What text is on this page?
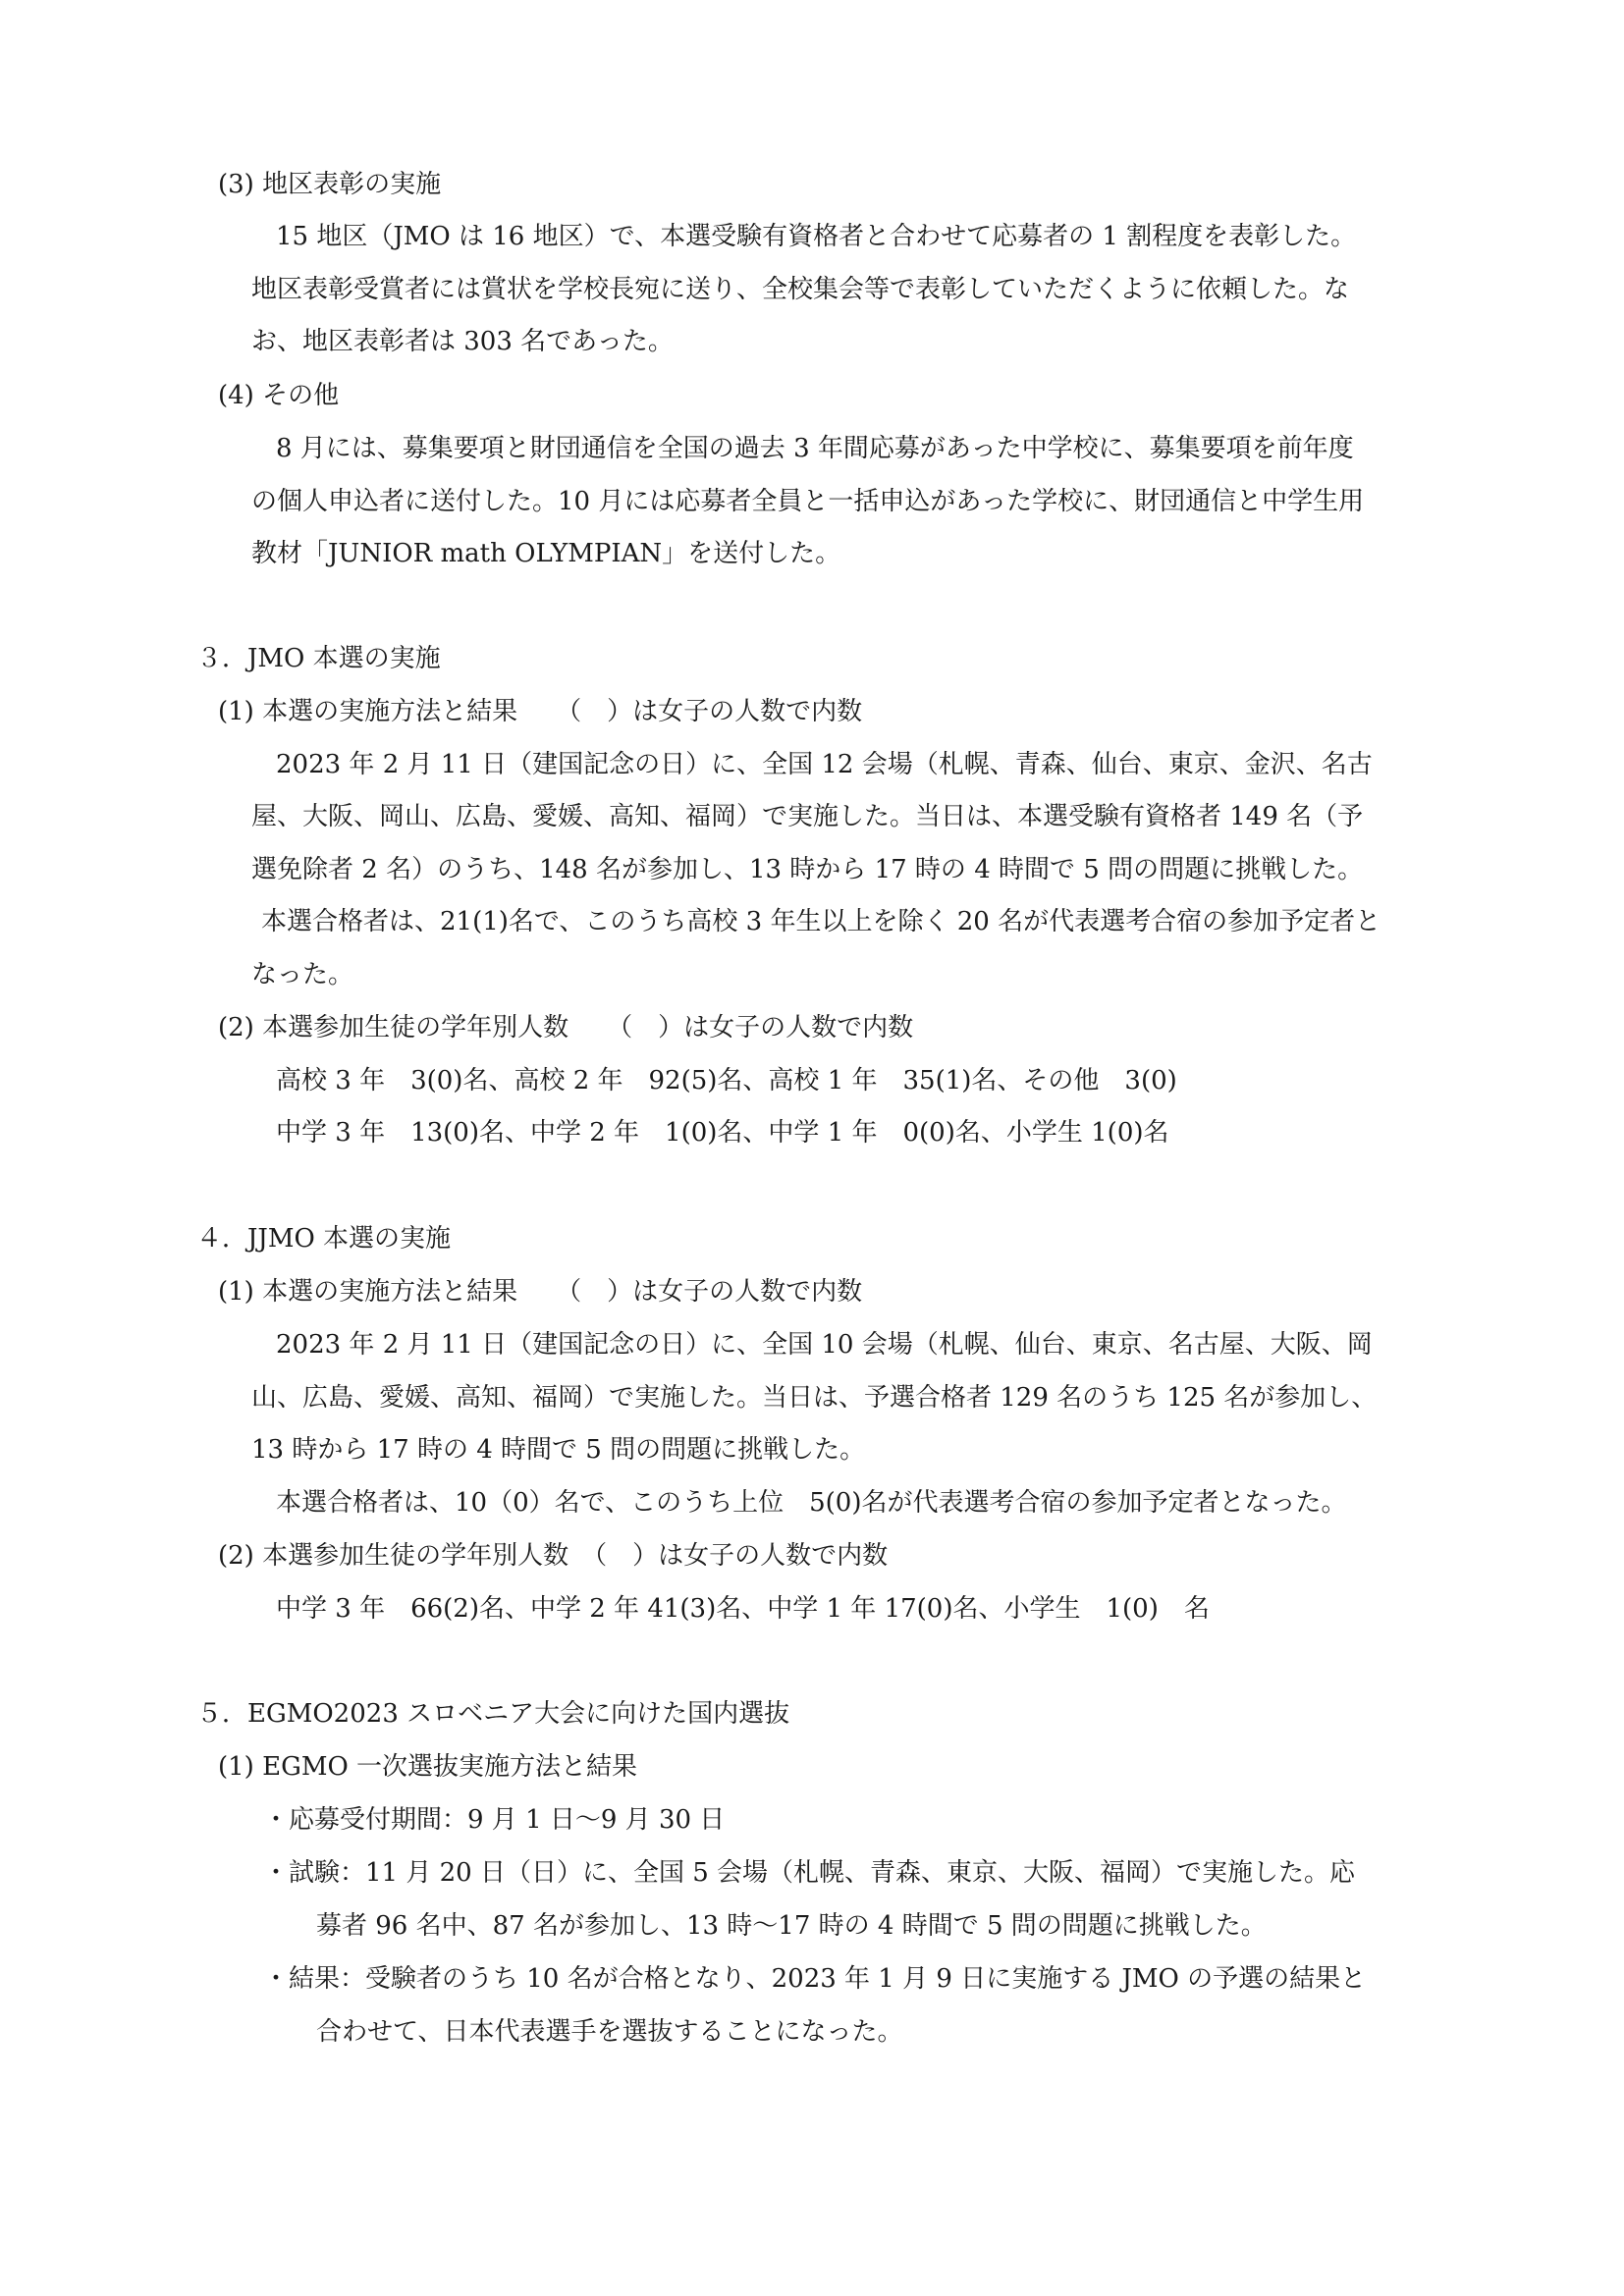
(3) 地区表彰の実施
15 地区（JMO は 16 地区）で、本選受験有資格者と合わせて応募者の 1 割程度を表彰した。
地区表彰受賞者には賞状を学校長宛に送り、全校集会等で表彰していただくように依頼した。な
お、地区表彰者は 303 名であった。
(4) その他
8 月には、募集要項と財団通信を全国の過去 3 年間応募があった中学校に、募集要項を前年度
の個人申込者に送付した。10 月には応募者全員と一括申込があった学校に、財団通信と中学生用
教材「JUNIOR math OLYMPIAN」を送付した。
３．JMO 本選の実施
(1) 本選の実施方法と結果　　（　）は女子の人数で内数
2023 年 2 月 11 日（建国記念の日）に、全国 12 会場（札幌、青森、仙台、東京、金沢、名古
屋、大阪、岡山、広島、愛媛、高知、福岡）で実施した。当日は、本選受験有資格者 149 名（予
選免除者 2 名）のうち、148 名が参加し、13 時から 17 時の 4 時間で 5 問の問題に挑戦した。
本選合格者は、21(1)名で、このうち高校 3 年生以上を除く 20 名が代表選考合宿の参加予定者と
なった。
(2) 本選参加生徒の学年別人数　　（　）は女子の人数で内数
高校 3 年　3(0)名、高校 2 年　92(5)名、高校 1 年　35(1)名、その他　3(0)
中学 3 年　13(0)名、中学 2 年　1(0)名、中学 1 年　0(0)名、小学生 1(0)名
４．JJMO 本選の実施
(1) 本選の実施方法と結果　　（　）は女子の人数で内数
2023 年 2 月 11 日（建国記念の日）に、全国 10 会場（札幌、仙台、東京、名古屋、大阪、岡
山、広島、愛媛、高知、福岡）で実施した。当日は、予選合格者 129 名のうち 125 名が参加し、
13 時から 17 時の 4 時間で 5 問の問題に挑戦した。
本選合格者は、10（0）名で、このうち上位　5(0)名が代表選考合宿の参加予定者となった。
(2) 本選参加生徒の学年別人数　（　）は女子の人数で内数
中学 3 年　66(2)名、中学 2 年 41(3)名、中学 1 年 17(0)名、小学生　1(0)　名
５．EGMO2023 スロベニア大会に向けた国内選抜
(1) EGMO 一次選抜実施方法と結果
・応募受付期間：9 月 1 日〜9 月 30 日
・試験：11 月 20 日（日）に、全国 5 会場（札幌、青森、東京、大阪、福岡）で実施した。応
募者 96 名中、87 名が参加し、13 時〜17 時の 4 時間で 5 問の問題に挑戦した。
・結果：受験者のうち 10 名が合格となり、2023 年 1 月 9 日に実施する JMO の予選の結果と
合わせて、日本代表選手を選抜することになった。
